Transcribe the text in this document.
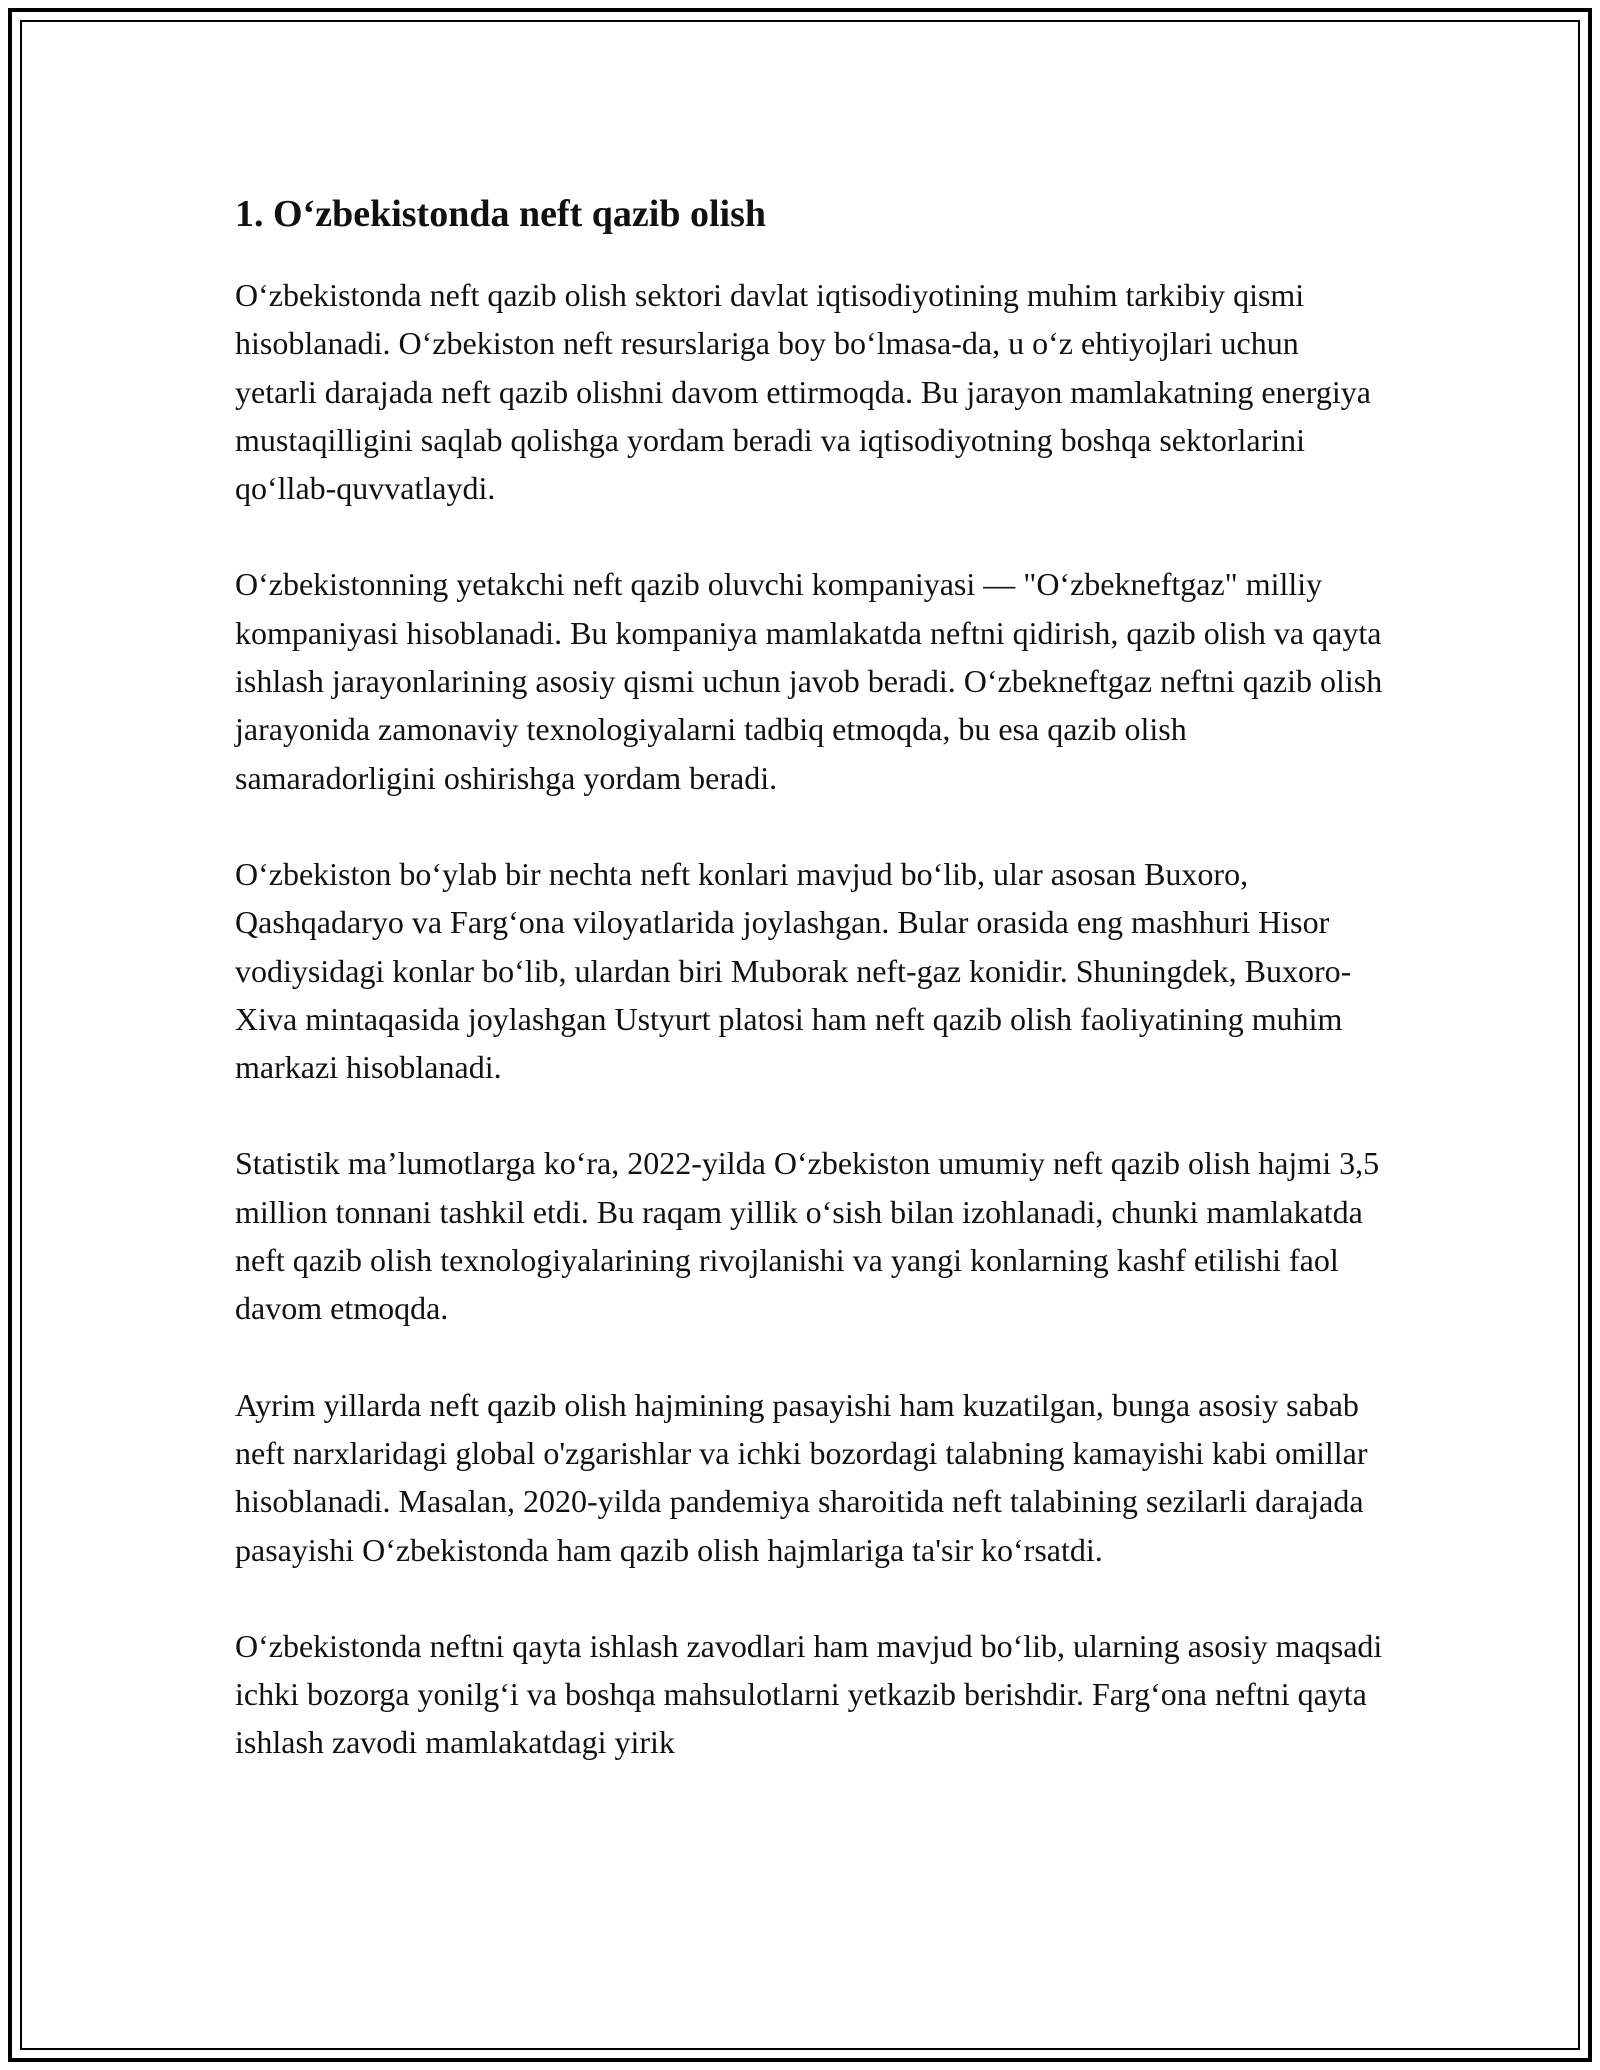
1. Oʻzbekistonda neft qazib olish

Oʻzbekistonda neft qazib olish sektori davlat iqtisodiyotining muhim tarkibiy qismi hisoblanadi. Oʻzbekiston neft resurslariga boy boʻlmasa-da, u oʻz ehtiyojlari uchun yetarli darajada neft qazib olishni davom ettirmoqda. Bu jarayon mamlakatning energiya mustaqilligini saqlab qolishga yordam beradi va iqtisodiyotning boshqa sektorlarini qoʻllab-quvvatlaydi.

Oʻzbekistonning yetakchi neft qazib oluvchi kompaniyasi — "Oʻzbekneftgaz" milliy kompaniyasi hisoblanadi. Bu kompaniya mamlakatda neftni qidirish, qazib olish va qayta ishlash jarayonlarining asosiy qismi uchun javob beradi. Oʻzbekneftgaz neftni qazib olish jarayonida zamonaviy texnologiyalarni tadbiq etmoqda, bu esa qazib olish samaradorligini oshirishga yordam beradi.

Oʻzbekiston boʻylab bir nechta neft konlari mavjud boʻlib, ular asosan Buxoro, Qashqadaryo va Fargʻona viloyatlarida joylashgan. Bular orasida eng mashhuri Hisor vodiysidagi konlar boʻlib, ulardan biri Muborak neft-gaz konidir. Shuningdek, Buxoro-Xiva mintaqasida joylashgan Ustyurt platosi ham neft qazib olish faoliyatining muhim markazi hisoblanadi.

Statistik ma’lumotlarga koʻra, 2022-yilda Oʻzbekiston umumiy neft qazib olish hajmi 3,5 million tonnani tashkil etdi. Bu raqam yillik oʻsish bilan izohlanadi, chunki mamlakatda neft qazib olish texnologiyalarining rivojlanishi va yangi konlarning kashf etilishi faol davom etmoqda.

Ayrim yillarda neft qazib olish hajmining pasayishi ham kuzatilgan, bunga asosiy sabab neft narxlaridagi global o'zgarishlar va ichki bozordagi talabning kamayishi kabi omillar hisoblanadi. Masalan, 2020-yilda pandemiya sharoitida neft talabining sezilarli darajada pasayishi Oʻzbekistonda ham qazib olish hajmlariga ta'sir koʻrsatdi.

Oʻzbekistonda neftni qayta ishlash zavodlari ham mavjud boʻlib, ularning asosiy maqsadi ichki bozorga yonilgʻi va boshqa mahsulotlarni yetkazib berishdir. Fargʻona neftni qayta ishlash zavodi mamlakatdagi yirik
